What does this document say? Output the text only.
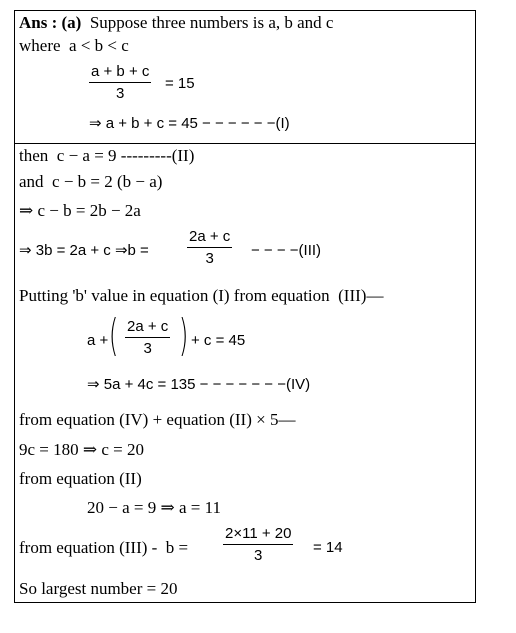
Ans : (a) Suppose three numbers is a, b and c
where  a < b < c
a + b + c
3
= 15
⇒ a + b + c = 45 − − − − − −(I)
then  c − a = 9 ---------(II)
and  c − b = 2 (b − a)
⇒ c − b = 2b − 2a
⇒ 3b = 2a + c ⇒b =
2a + c
3	− − − −(III)
Putting 'b' value in equation (I) from equation  (III)—
a + ( 2a + c
3 ) + c = 45
⇒ 5a + 4c = 135 − − − − − − −(IV)
from equation (IV) + equation (II) × 5—
9c = 180 ⇒ c = 20
from equation (II)
20 − a = 9 ⇒ a = 11
from equation (III) -  b =
2×11 + 20
3	= 14
So largest number = 20
